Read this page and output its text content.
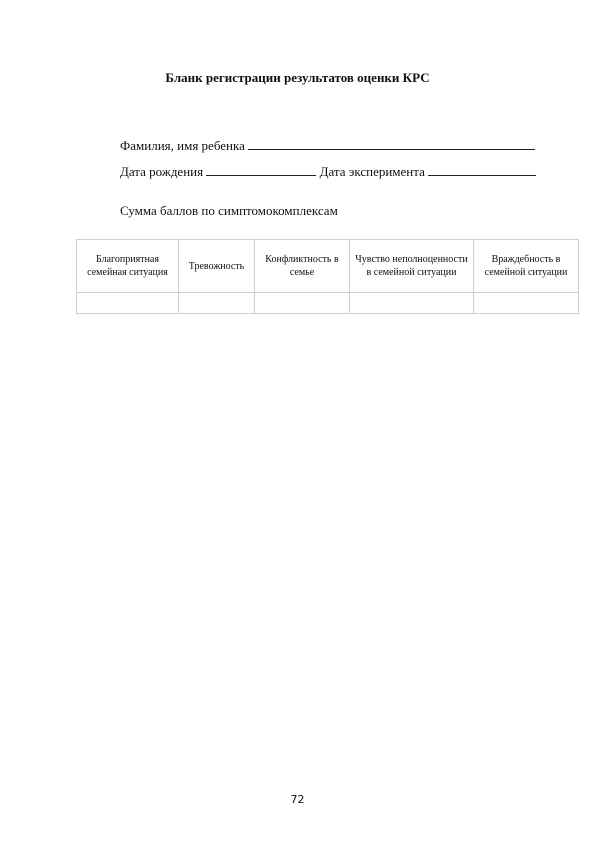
Бланк регистрации результатов оценки КРС
Фамилия, имя ребенка
Дата рождения	Дата эксперимента
Сумма баллов по симптомокомплексам
Благоприятная семейная ситуация	Тревожность	Конфликтность в семье	Чувство неполноценности в семейной ситуации	Враждебность в семейной ситуации

72
